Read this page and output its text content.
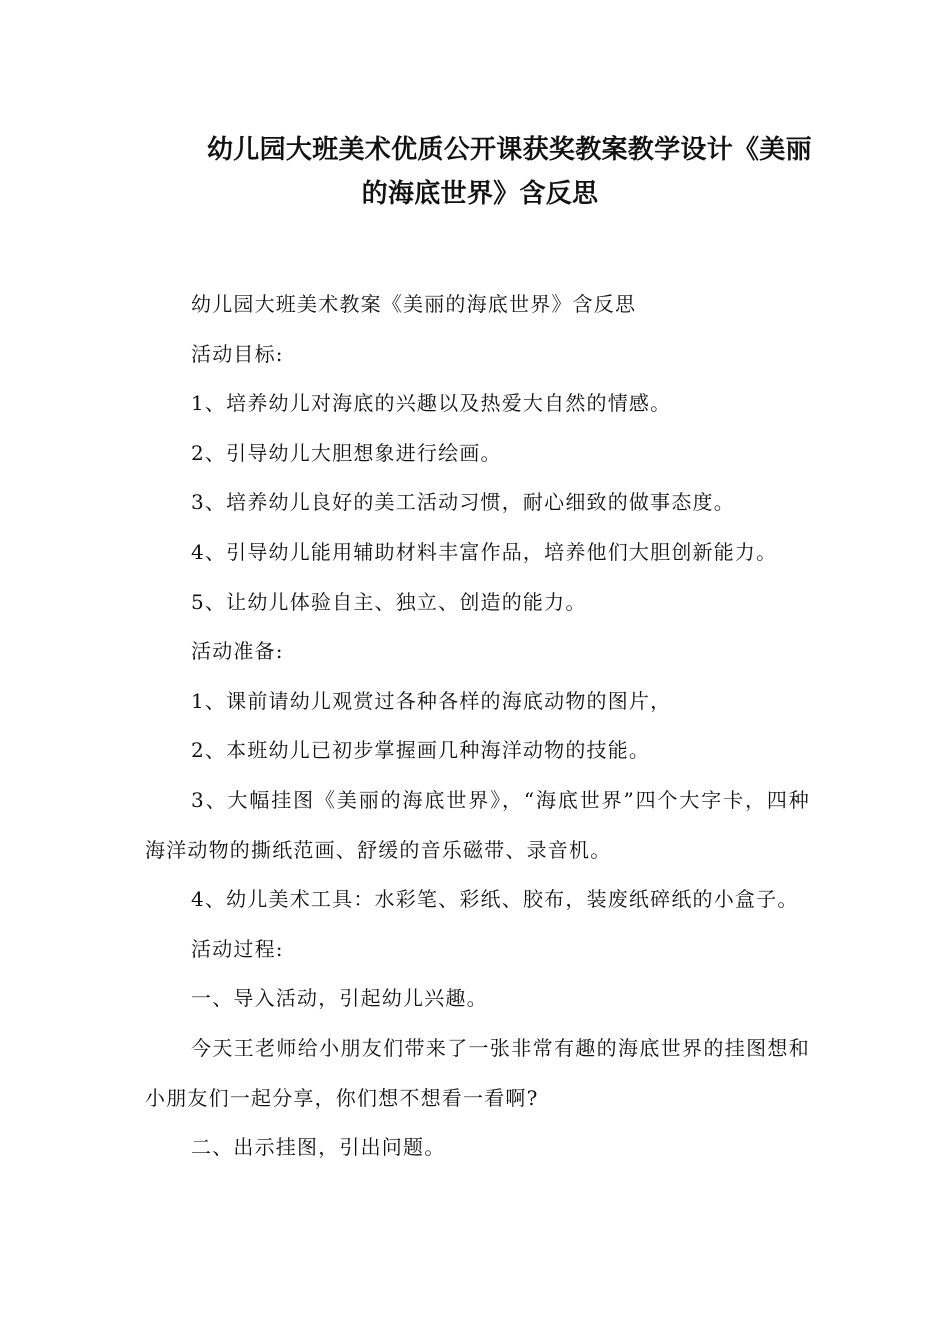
幼儿园大班美术优质公开课获奖教案教学设计《美丽
的海底世界》含反思

幼儿园大班美术教案《美丽的海底世界》含反思

活动目标:

1、培养幼儿对海底的兴趣以及热爱大自然的情感。

2、引导幼儿大胆想象进行绘画。

3、培养幼儿良好的美工活动习惯，耐心细致的做事态度。

4、引导幼儿能用辅助材料丰富作品，培养他们大胆创新能力。

5、让幼儿体验自主、独立、创造的能力。

活动准备:

1、课前请幼儿观赏过各种各样的海底动物的图片，

2、本班幼儿已初步掌握画几种海洋动物的技能。

3、大幅挂图《美丽的海底世界》，“海底世界”四个大字卡，四种海洋动物的撕纸范画、舒缓的音乐磁带、录音机。

4、幼儿美术工具：水彩笔、彩纸、胶布，装废纸碎纸的小盒子。

活动过程:

一、导入活动，引起幼儿兴趣。

今天王老师给小朋友们带来了一张非常有趣的海底世界的挂图想和小朋友们一起分享，你们想不想看一看啊?

二、出示挂图，引出问题。
